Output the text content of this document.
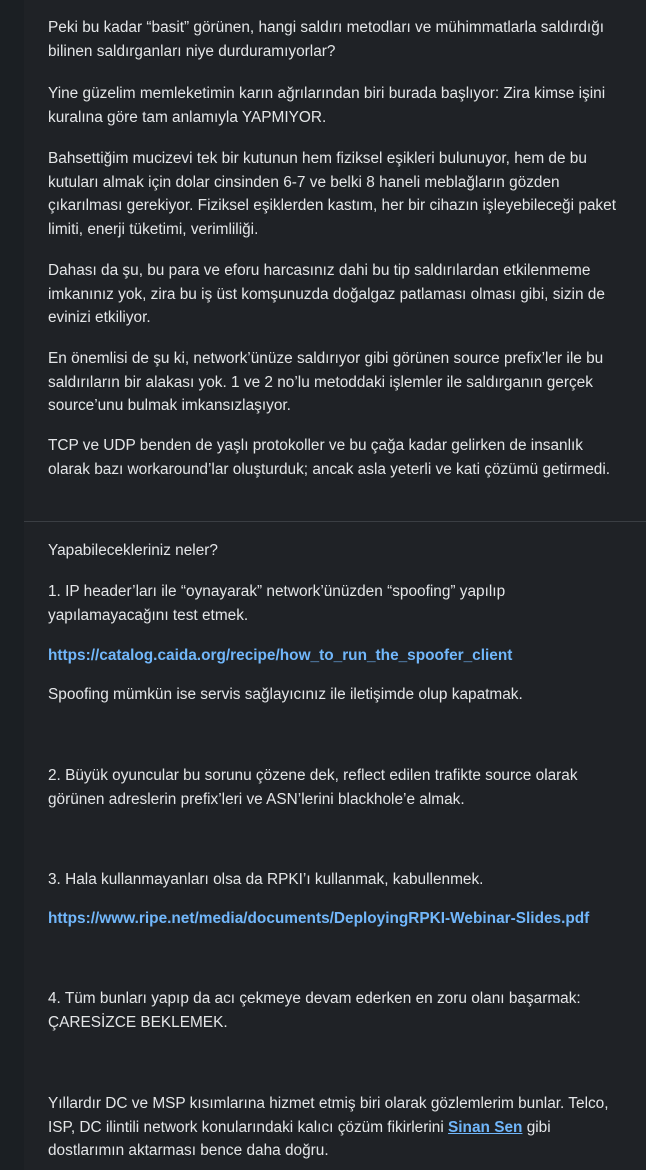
Peki bu kadar “basit” görünen, hangi saldırı metodları ve mühimmatlarla saldırdığı bilinen saldırganları niye durduramıyorlar?

Yine güzelim memleketimin karın ağrılarından biri burada başlıyor: Zira kimse işini kuralına göre tam anlamıyla YAPMIYOR.

Bahsettiğim mucizevi tek bir kutunun hem fiziksel eşikleri bulunuyor, hem de bu kutuları almak için dolar cinsinden 6-7 ve belki 8 haneli meblağların gözden çıkarılması gerekiyor. Fiziksel eşiklerden kastım, her bir cihazın işleyebileceği paket limiti, enerji tüketimi, verimliliği.

Dahası da şu, bu para ve eforu harcasınız dahi bu tip saldırılardan etkilenmeme imkanınız yok, zira bu iş üst komşunuzda doğalgaz patlaması olması gibi, sizin de evinizi etkiliyor.

En önemlisi de şu ki, network’ünüze saldırıyor gibi görünen source prefix’ler ile bu saldırıların bir alakası yok. 1 ve 2 no’lu metoddaki işlemler ile saldırganın gerçek source’unu bulmak imkansızlaşıyor.

TCP ve UDP benden de yaşlı protokoller ve bu çağa kadar gelirken de insanlık olarak bazı workaround’lar oluşturduk; ancak asla yeterli ve kati çözümü getirmedi.

Yapabilecekleriniz neler?

1. IP header’ları ile “oynayarak” network’ünüzden “spoofing” yapılıp yapılamayacağını test etmek.

https://catalog.caida.org/recipe/how_to_run_the_spoofer_client

Spoofing mümkün ise servis sağlayıcınız ile iletişimde olup kapatmak.

2. Büyük oyuncular bu sorunu çözene dek, reflect edilen trafikte source olarak görünen adreslerin prefix’leri ve ASN’lerini blackhole’e almak.

3. Hala kullanmayanları olsa da RPKI’ı kullanmak, kabullenmek.

https://www.ripe.net/media/documents/DeployingRPKI-Webinar-Slides.pdf

4. Tüm bunları yapıp da acı çekmeye devam ederken en zoru olanı başarmak: ÇARESİZCE BEKLEMEK.

Yıllardır DC ve MSP kısımlarına hizmet etmiş biri olarak gözlemlerim bunlar. Telco, ISP, DC ilintili network konularındaki kalıcı çözüm fikirlerini Sinan Sen gibi dostlarımın aktarması bence daha doğru.
